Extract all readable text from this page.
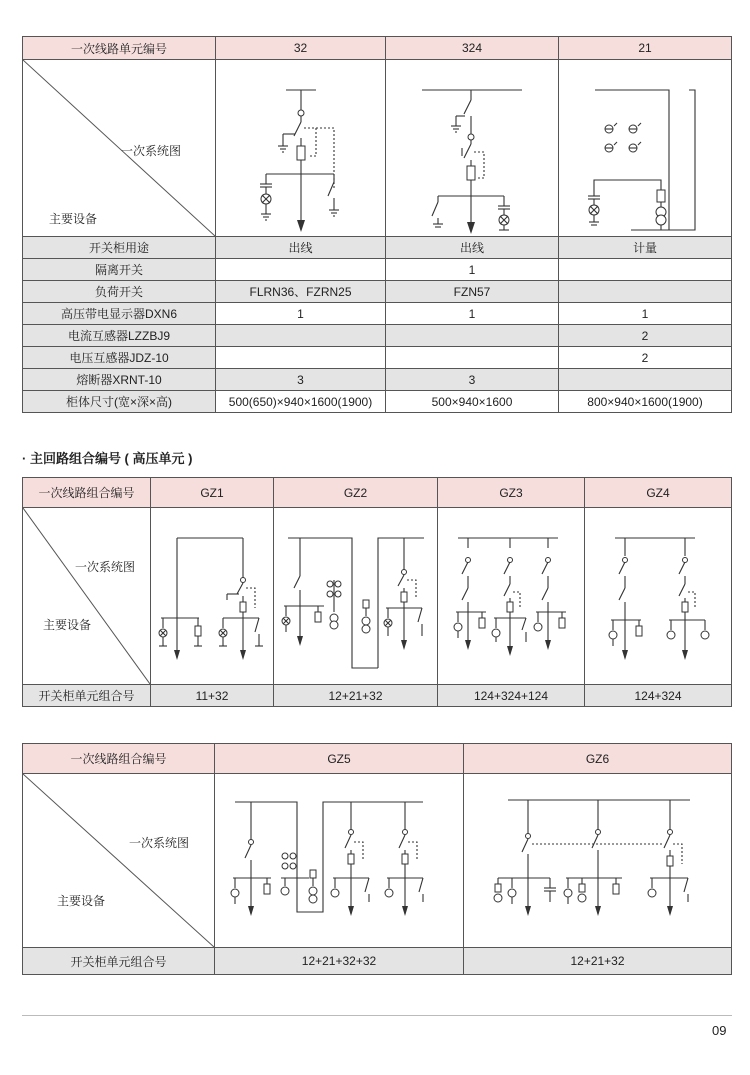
一次线路单元编号	32	324	21

一次系统图
主要设备

开关柜用途	出线	出线	计量
隔离开关		1	
负荷开关	FLRN36、FZRN25	FZN57	
高压带电显示器DXN6	1	1	1
电流互感器LZZBJ9			2
电压互感器JDZ-10			2
熔断器XRNT-10	3	3	
柜体尺寸(宽×深×高)	500(650)×940×1600(1900)	500×940×1600	800×940×1600(1900)
· 主回路组合编号 ( 高压单元 )
一次线路组合编号	GZ1	GZ2	GZ3	GZ4

一次系统图
主要设备

开关柜单元组合号	11+32	12+21+32	124+324+124	124+324
一次线路组合编号	GZ5	GZ6

一次系统图
主要设备

开关柜单元组合号	12+21+32+32	12+21+32
09
